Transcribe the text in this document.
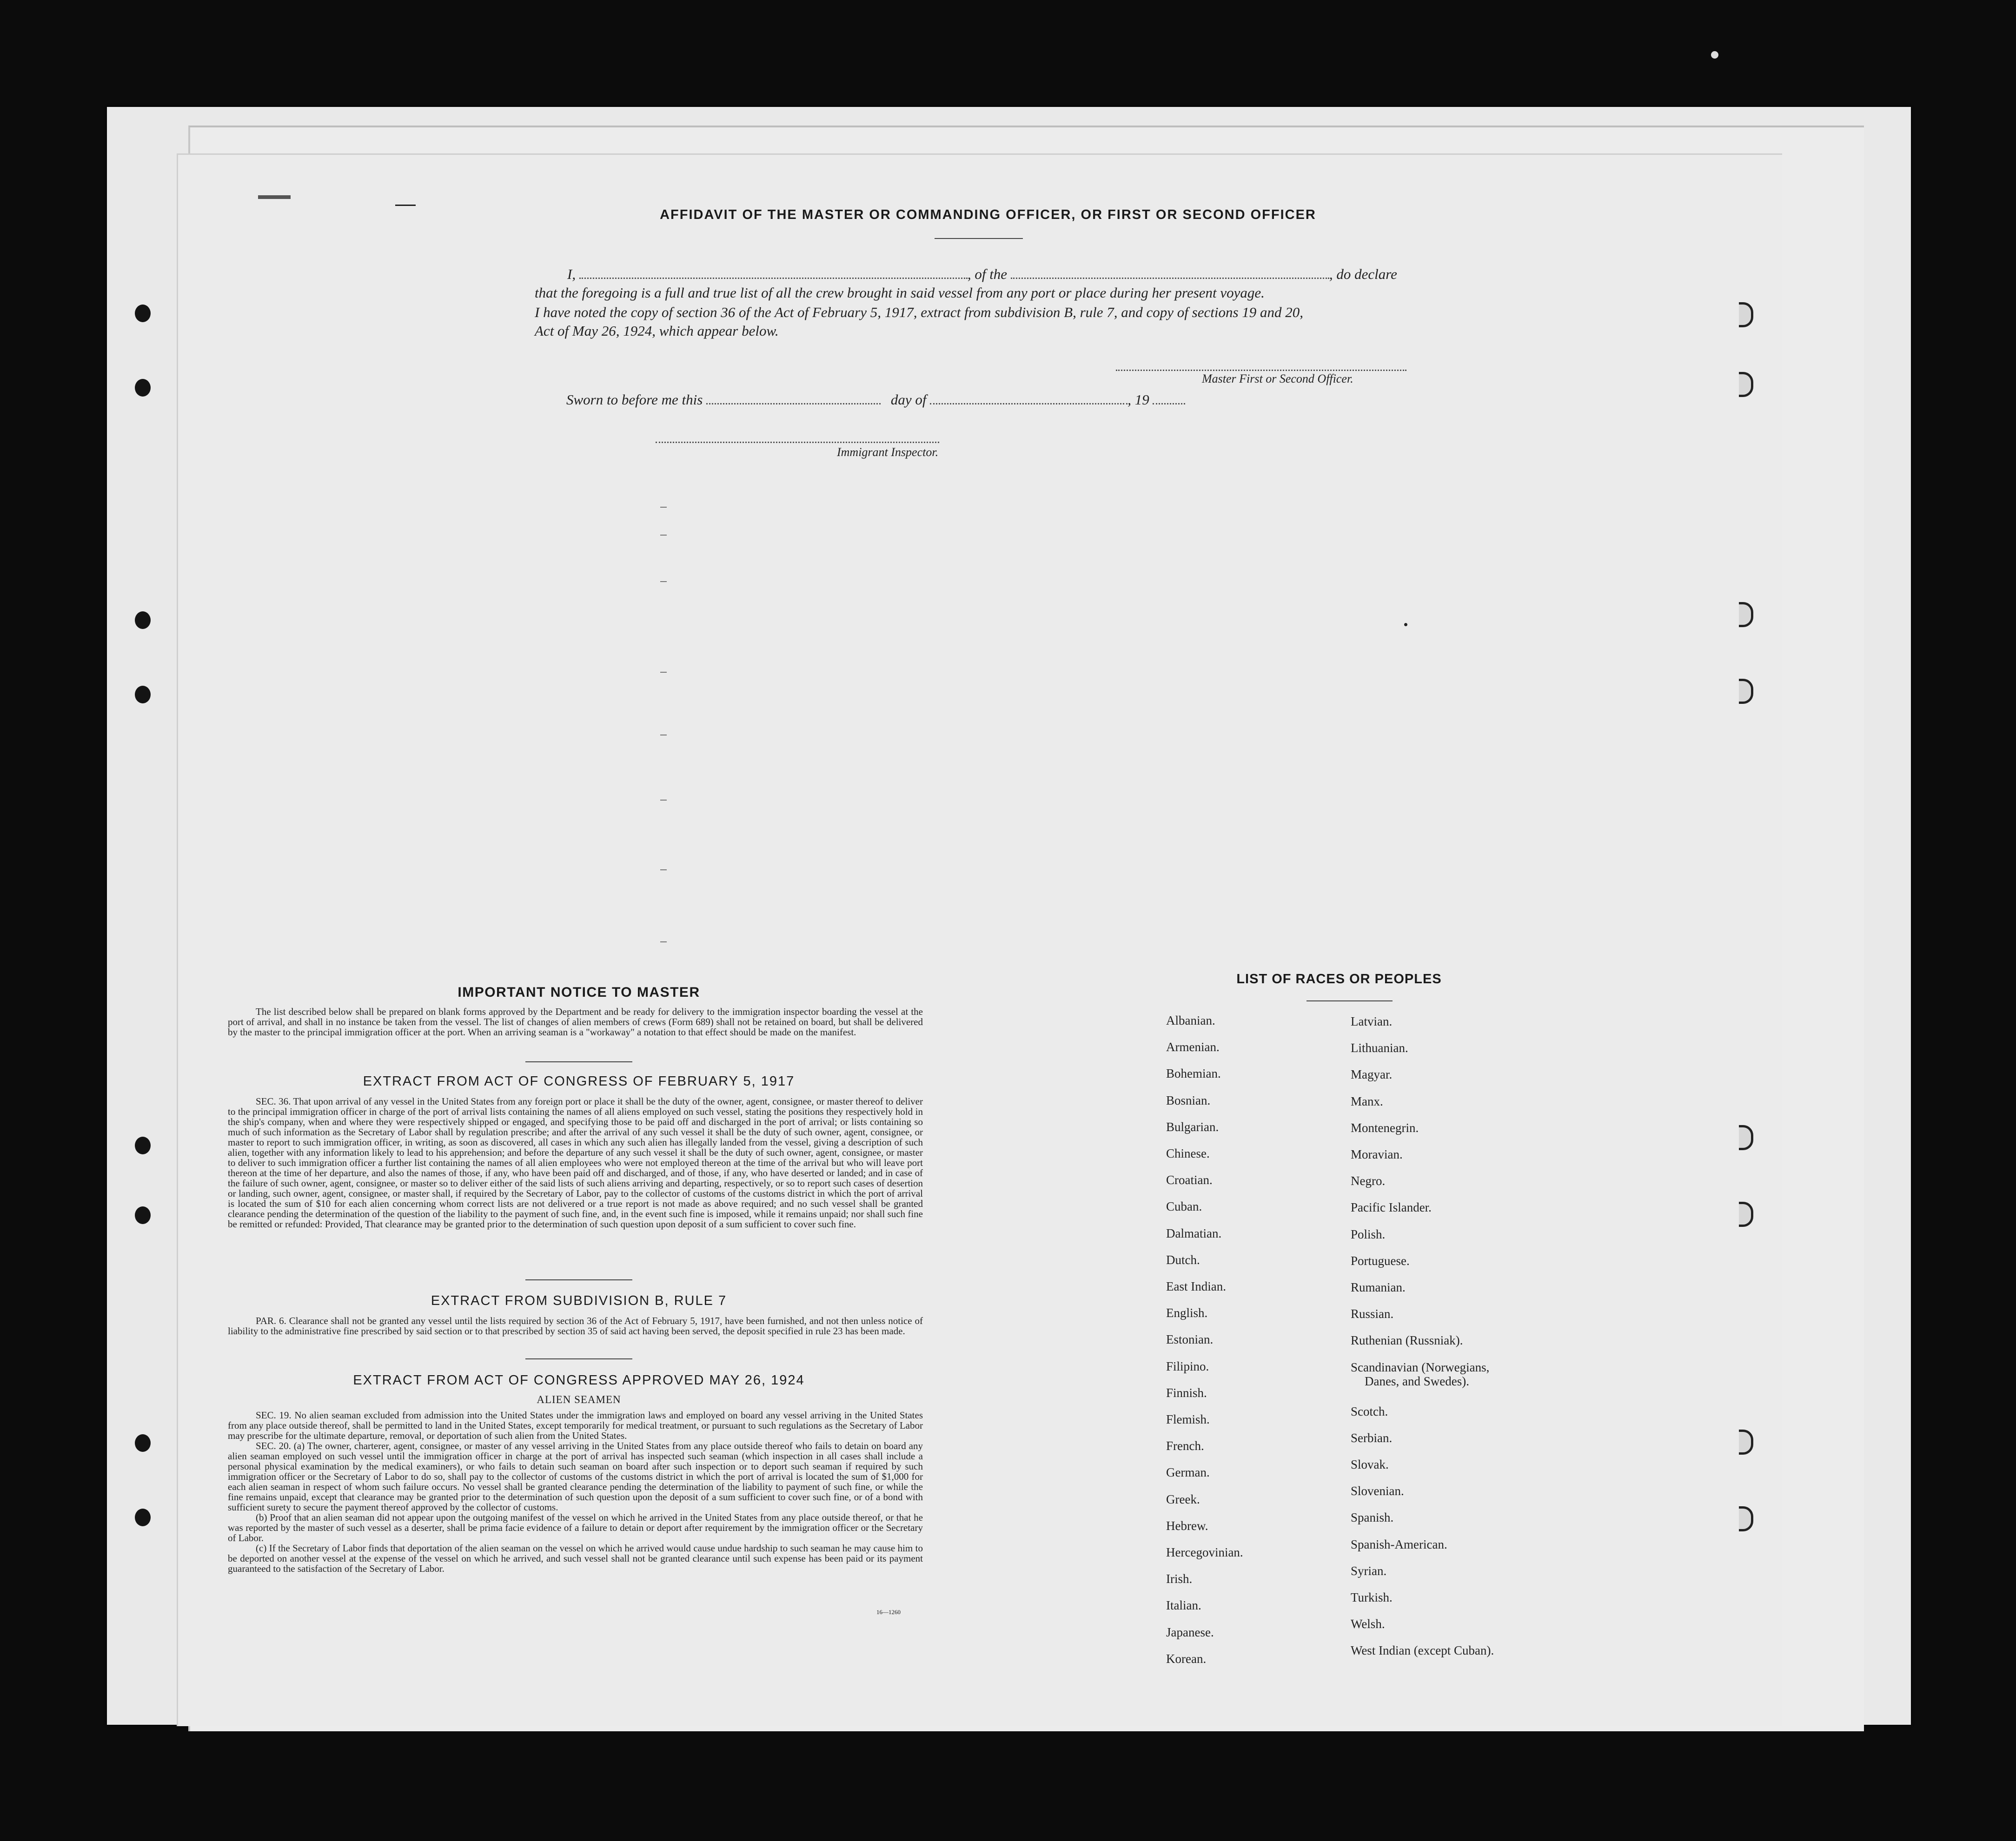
AFFIDAVIT OF THE MASTER OR COMMANDING OFFICER, OR FIRST OR SECOND OFFICER
I,	, of the	, do declare
that the foregoing is a full and true list of all the crew brought in said vessel from any port or place during her present voyage.
I have noted the copy of section 36 of the Act of February 5, 1917, extract from subdivision B, rule 7, and copy of sections 19 and 20,
Act of May 26, 1924, which appear below.
Master First or Second Officer.
Sworn to before me this	day of	, 19
Immigrant Inspector.
IMPORTANT NOTICE TO MASTER
The list described below shall be prepared on blank forms approved by the Department and be ready for delivery to the immigration inspector boarding the vessel at the port of arrival, and shall in no instance be taken from the vessel. The list of changes of alien members of crews (Form 689) shall not be retained on board, but shall be delivered by the master to the principal immigration officer at the port. When an arriving seaman is a "workaway" a notation to that effect should be made on the manifest.
EXTRACT FROM ACT OF CONGRESS OF FEBRUARY 5, 1917
SEC. 36. That upon arrival of any vessel in the United States from any foreign port or place it shall be the duty of the owner, agent, consignee, or master thereof to deliver to the principal immigration officer in charge of the port of arrival lists containing the names of all aliens employed on such vessel, stating the positions they respectively hold in the ship's company, when and where they were respectively shipped or engaged, and specifying those to be paid off and discharged in the port of arrival; or lists containing so much of such information as the Secretary of Labor shall by regulation prescribe; and after the arrival of any such vessel it shall be the duty of such owner, agent, consignee, or master to report to such immigration officer, in writing, as soon as discovered, all cases in which any such alien has illegally landed from the vessel, giving a description of such alien, together with any information likely to lead to his apprehension; and before the departure of any such vessel it shall be the duty of such owner, agent, consignee, or master to deliver to such immigration officer a further list containing the names of all alien employees who were not employed thereon at the time of the arrival but who will leave port thereon at the time of her departure, and also the names of those, if any, who have been paid off and discharged, and of those, if any, who have deserted or landed; and in case of the failure of such owner, agent, consignee, or master so to deliver either of the said lists of such aliens arriving and departing, respectively, or so to report such cases of desertion or landing, such owner, agent, consignee, or master shall, if required by the Secretary of Labor, pay to the collector of customs of the customs district in which the port of arrival is located the sum of $10 for each alien concerning whom correct lists are not delivered or a true report is not made as above required; and no such vessel shall be granted clearance pending the determination of the question of the liability to the payment of such fine, and, in the event such fine is imposed, while it remains unpaid; nor shall such fine be remitted or refunded: Provided, That clearance may be granted prior to the determination of such question upon deposit of a sum sufficient to cover such fine.
EXTRACT FROM SUBDIVISION B, RULE 7
PAR. 6. Clearance shall not be granted any vessel until the lists required by section 36 of the Act of February 5, 1917, have been furnished, and not then unless notice of liability to the administrative fine prescribed by said section or to that prescribed by section 35 of said act having been served, the deposit specified in rule 23 has been made.
EXTRACT FROM ACT OF CONGRESS APPROVED MAY 26, 1924
ALIEN SEAMEN
SEC. 19. No alien seaman excluded from admission into the United States under the immigration laws and employed on board any vessel arriving in the United States from any place outside thereof, shall be permitted to land in the United States, except temporarily for medical treatment, or pursuant to such regulations as the Secretary of Labor may prescribe for the ultimate departure, removal, or deportation of such alien from the United States.
SEC. 20. (a) The owner, charterer, agent, consignee, or master of any vessel arriving in the United States from any place outside thereof who fails to detain on board any alien seaman employed on such vessel until the immigration officer in charge at the port of arrival has inspected such seaman (which inspection in all cases shall include a personal physical examination by the medical examiners), or who fails to detain such seaman on board after such inspection or to deport such seaman if required by such immigration officer or the Secretary of Labor to do so, shall pay to the collector of customs of the customs district in which the port of arrival is located the sum of $1,000 for each alien seaman in respect of whom such failure occurs. No vessel shall be granted clearance pending the determination of the liability to payment of such fine, or while the fine remains unpaid, except that clearance may be granted prior to the determination of such question upon the deposit of a sum sufficient to cover such fine, or of a bond with sufficient surety to secure the payment thereof approved by the collector of customs.
(b) Proof that an alien seaman did not appear upon the outgoing manifest of the vessel on which he arrived in the United States from any place outside thereof, or that he was reported by the master of such vessel as a deserter, shall be prima facie evidence of a failure to detain or deport after requirement by the immigration officer or the Secretary of Labor.
(c) If the Secretary of Labor finds that deportation of the alien seaman on the vessel on which he arrived would cause undue hardship to such seaman he may cause him to be deported on another vessel at the expense of the vessel on which he arrived, and such vessel shall not be granted clearance until such expense has been paid or its payment guaranteed to the satisfaction of the Secretary of Labor.
16—1260
LIST OF RACES OR PEOPLES
Albanian.
Armenian.
Bohemian.
Bosnian.
Bulgarian.
Chinese.
Croatian.
Cuban.
Dalmatian.
Dutch.
East Indian.
English.
Estonian.
Filipino.
Finnish.
Flemish.
French.
German.
Greek.
Hebrew.
Hercegovinian.
Irish.
Italian.
Japanese.
Korean.
Latvian.
Lithuanian.
Magyar.
Manx.
Montenegrin.
Moravian.
Negro.
Pacific Islander.
Polish.
Portuguese.
Rumanian.
Russian.
Ruthenian (Russniak).
Scandinavian (Norwegians,
Danes, and Swedes).
Scotch.
Serbian.
Slovak.
Slovenian.
Spanish.
Spanish-American.
Syrian.
Turkish.
Welsh.
West Indian (except Cuban).
